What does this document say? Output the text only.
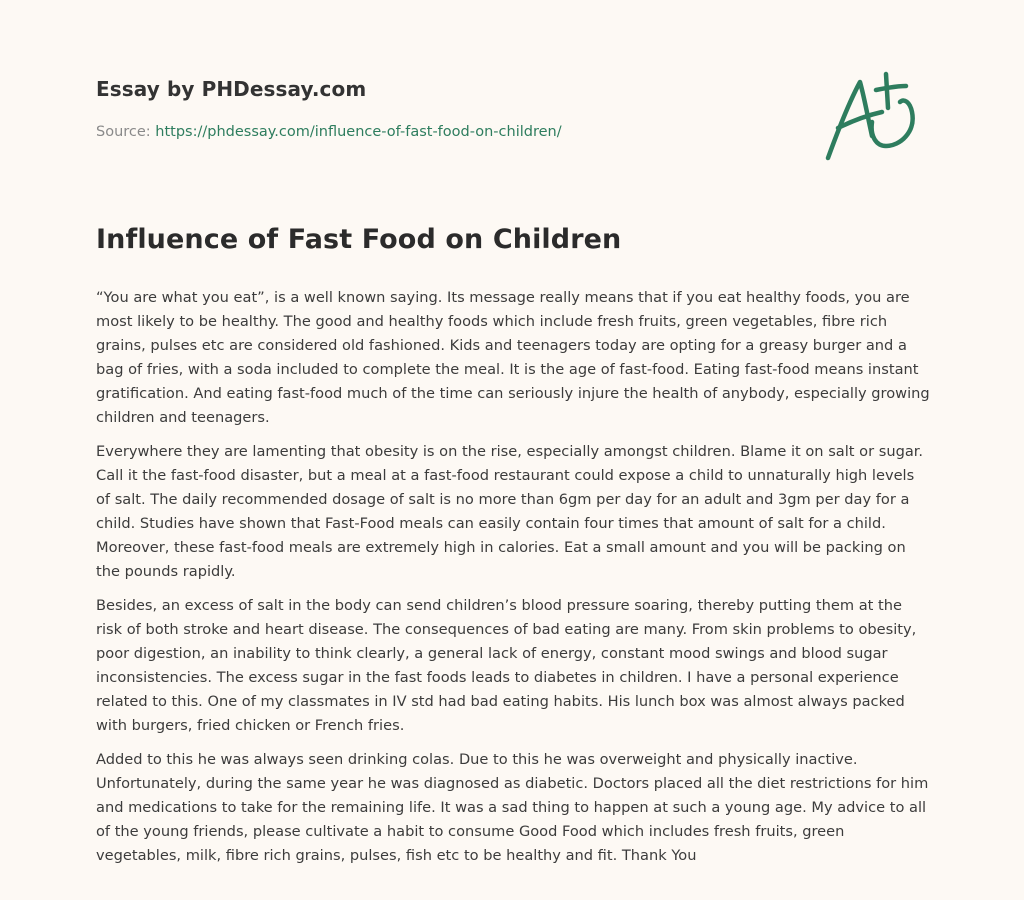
Essay by PHDessay.com
Source: https://phdessay.com/influence-of-fast-food-on-children/
Influence of Fast Food on Children

“You are what you eat”, is a well known saying. Its message really means that if you eat healthy foods, you are most likely to be healthy. The good and healthy foods which include fresh fruits, green vegetables, fibre rich grains, pulses etc are considered old fashioned. Kids and teenagers today are opting for a greasy burger and a bag of fries, with a soda included to complete the meal. It is the age of fast-food. Eating fast-food means instant gratification. And eating fast-food much of the time can seriously injure the health of anybody, especially growing children and teenagers.

Everywhere they are lamenting that obesity is on the rise, especially amongst children. Blame it on salt or sugar. Call it the fast-food disaster, but a meal at a fast-food restaurant could expose a child to unnaturally high levels of salt. The daily recommended dosage of salt is no more than 6gm per day for an adult and 3gm per day for a child. Studies have shown that Fast-Food meals can easily contain four times that amount of salt for a child. Moreover, these fast-food meals are extremely high in calories. Eat a small amount and you will be packing on the pounds rapidly.

Besides, an excess of salt in the body can send children’s blood pressure soaring, thereby putting them at the risk of both stroke and heart disease. The consequences of bad eating are many. From skin problems to obesity, poor digestion, an inability to think clearly, a general lack of energy, constant mood swings and blood sugar inconsistencies. The excess sugar in the fast foods leads to diabetes in children. I have a personal experience related to this. One of my classmates in IV std had bad eating habits. His lunch box was almost always packed with burgers, fried chicken or French fries.

Added to this he was always seen drinking colas. Due to this he was overweight and physically inactive. Unfortunately, during the same year he was diagnosed as diabetic. Doctors placed all the diet restrictions for him and medications to take for the remaining life. It was a sad thing to happen at such a young age. My advice to all of the young friends, please cultivate a habit to consume Good Food which includes fresh fruits, green vegetables, milk, fibre rich grains, pulses, fish etc to be healthy and fit. Thank You
